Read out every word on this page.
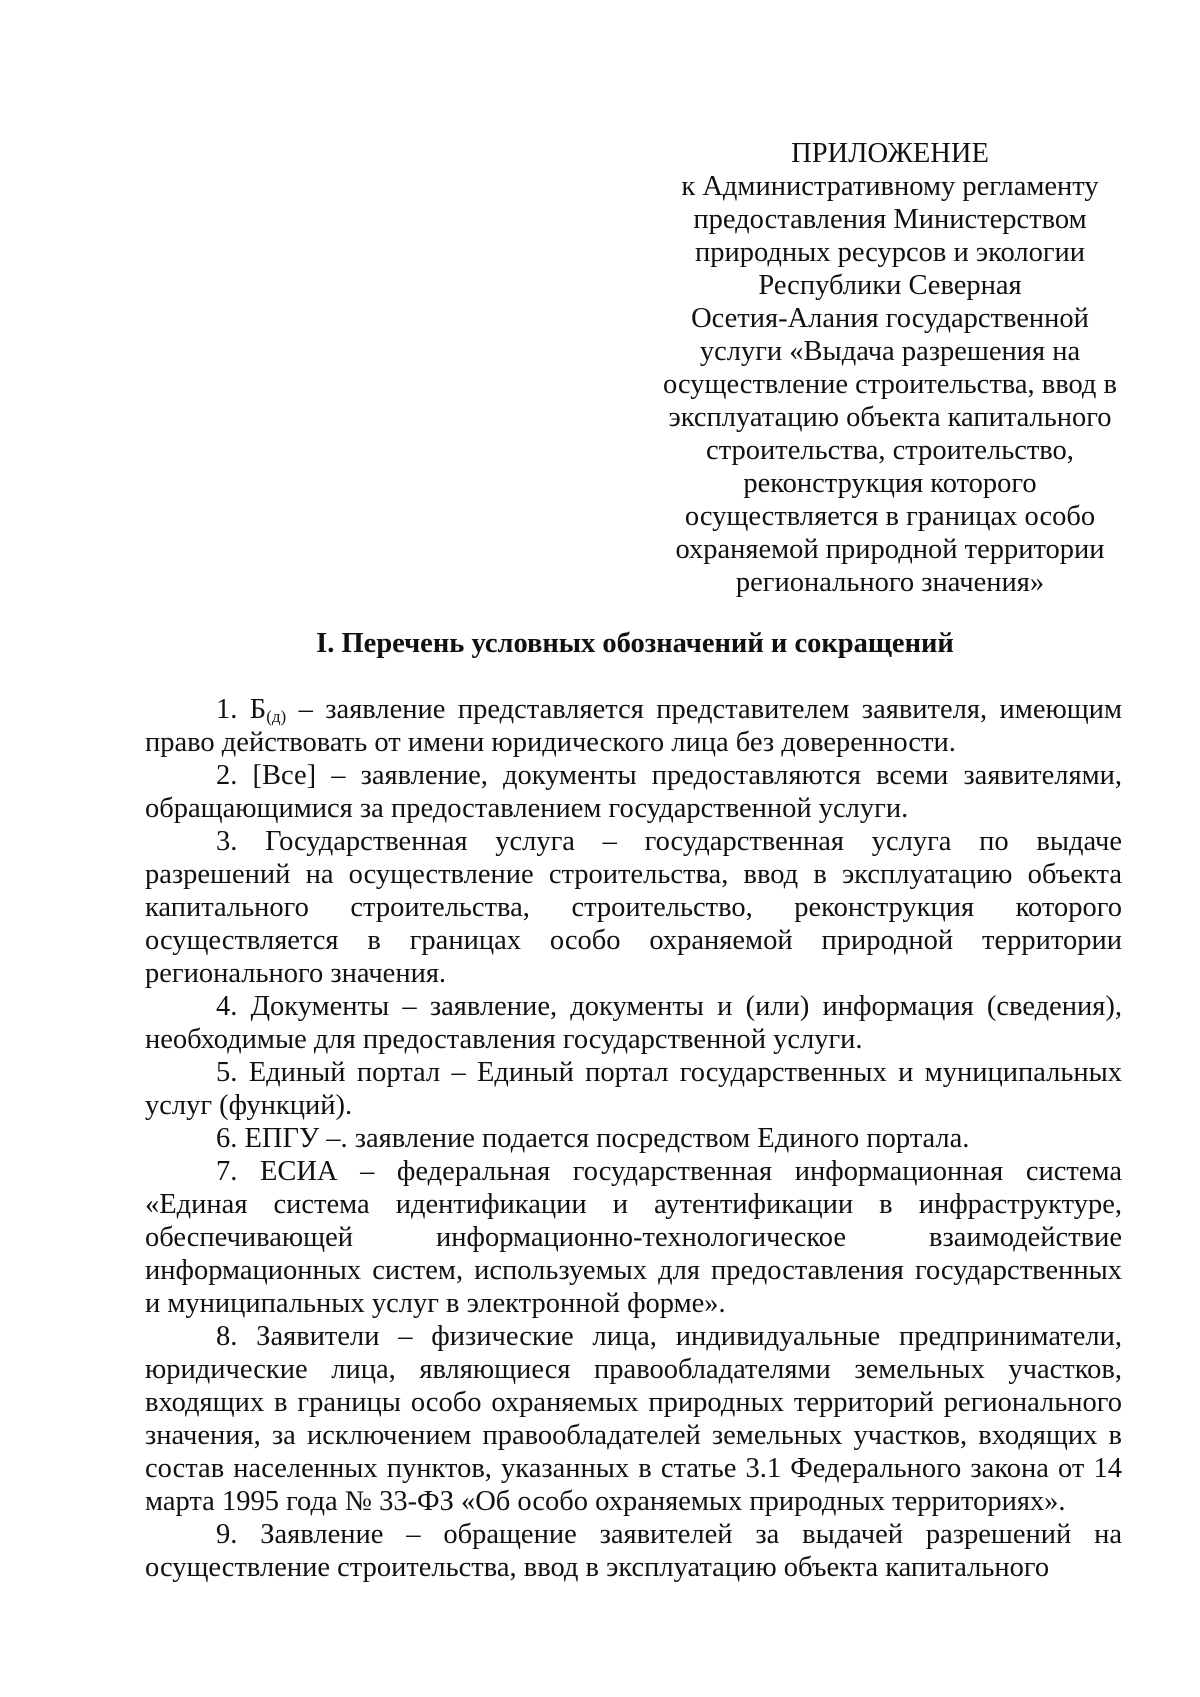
ПРИЛОЖЕНИЕ
к Административному регламенту
предоставления Министерством
природных ресурсов и экологии
Республики Северная
Осетия-Алания государственной
услуги «Выдача разрешения на
осуществление строительства, ввод в
эксплуатацию объекта капитального
строительства, строительство,
реконструкция которого
осуществляется в границах особо
охраняемой природной территории
регионального значения»
I. Перечень условных обозначений и сокращений

1. $Б_{(д)}$ – заявление представляется представителем заявителя, имеющим право действовать от имени юридического лица без доверенности.

2. [Все] – заявление, документы предоставляются всеми заявителями, обращающимися за предоставлением государственной услуги.

3. Государственная услуга – государственная услуга по выдаче разрешений на осуществление строительства, ввод в эксплуатацию объекта капитального строительства, строительство, реконструкция которого осуществляется в границах особо охраняемой природной территории регионального значения.

4. Документы – заявление, документы и (или) информация (сведения), необходимые для предоставления государственной услуги.

5. Единый портал – Единый портал государственных и муниципальных услуг (функций).

6. ЕПГУ –. заявление подается посредством Единого портала.

7. ЕСИА – федеральная государственная информационная система «Единая система идентификации и аутентификации в инфраструктуре, обеспечивающей информационно-технологическое взаимодействие информационных систем, используемых для предоставления государственных и муниципальных услуг в электронной форме».

8. Заявители – физические лица, индивидуальные предприниматели, юридические лица, являющиеся правообладателями земельных участков, входящих в границы особо охраняемых природных территорий регионального значения, за исключением правообладателей земельных участков, входящих в состав населенных пунктов, указанных в статье 3.1 Федерального закона от 14 марта 1995 года № 33-ФЗ «Об особо охраняемых природных территориях».

9. Заявление – обращение заявителей за выдачей разрешений на осуществление строительства, ввод в эксплуатацию объекта капитального
